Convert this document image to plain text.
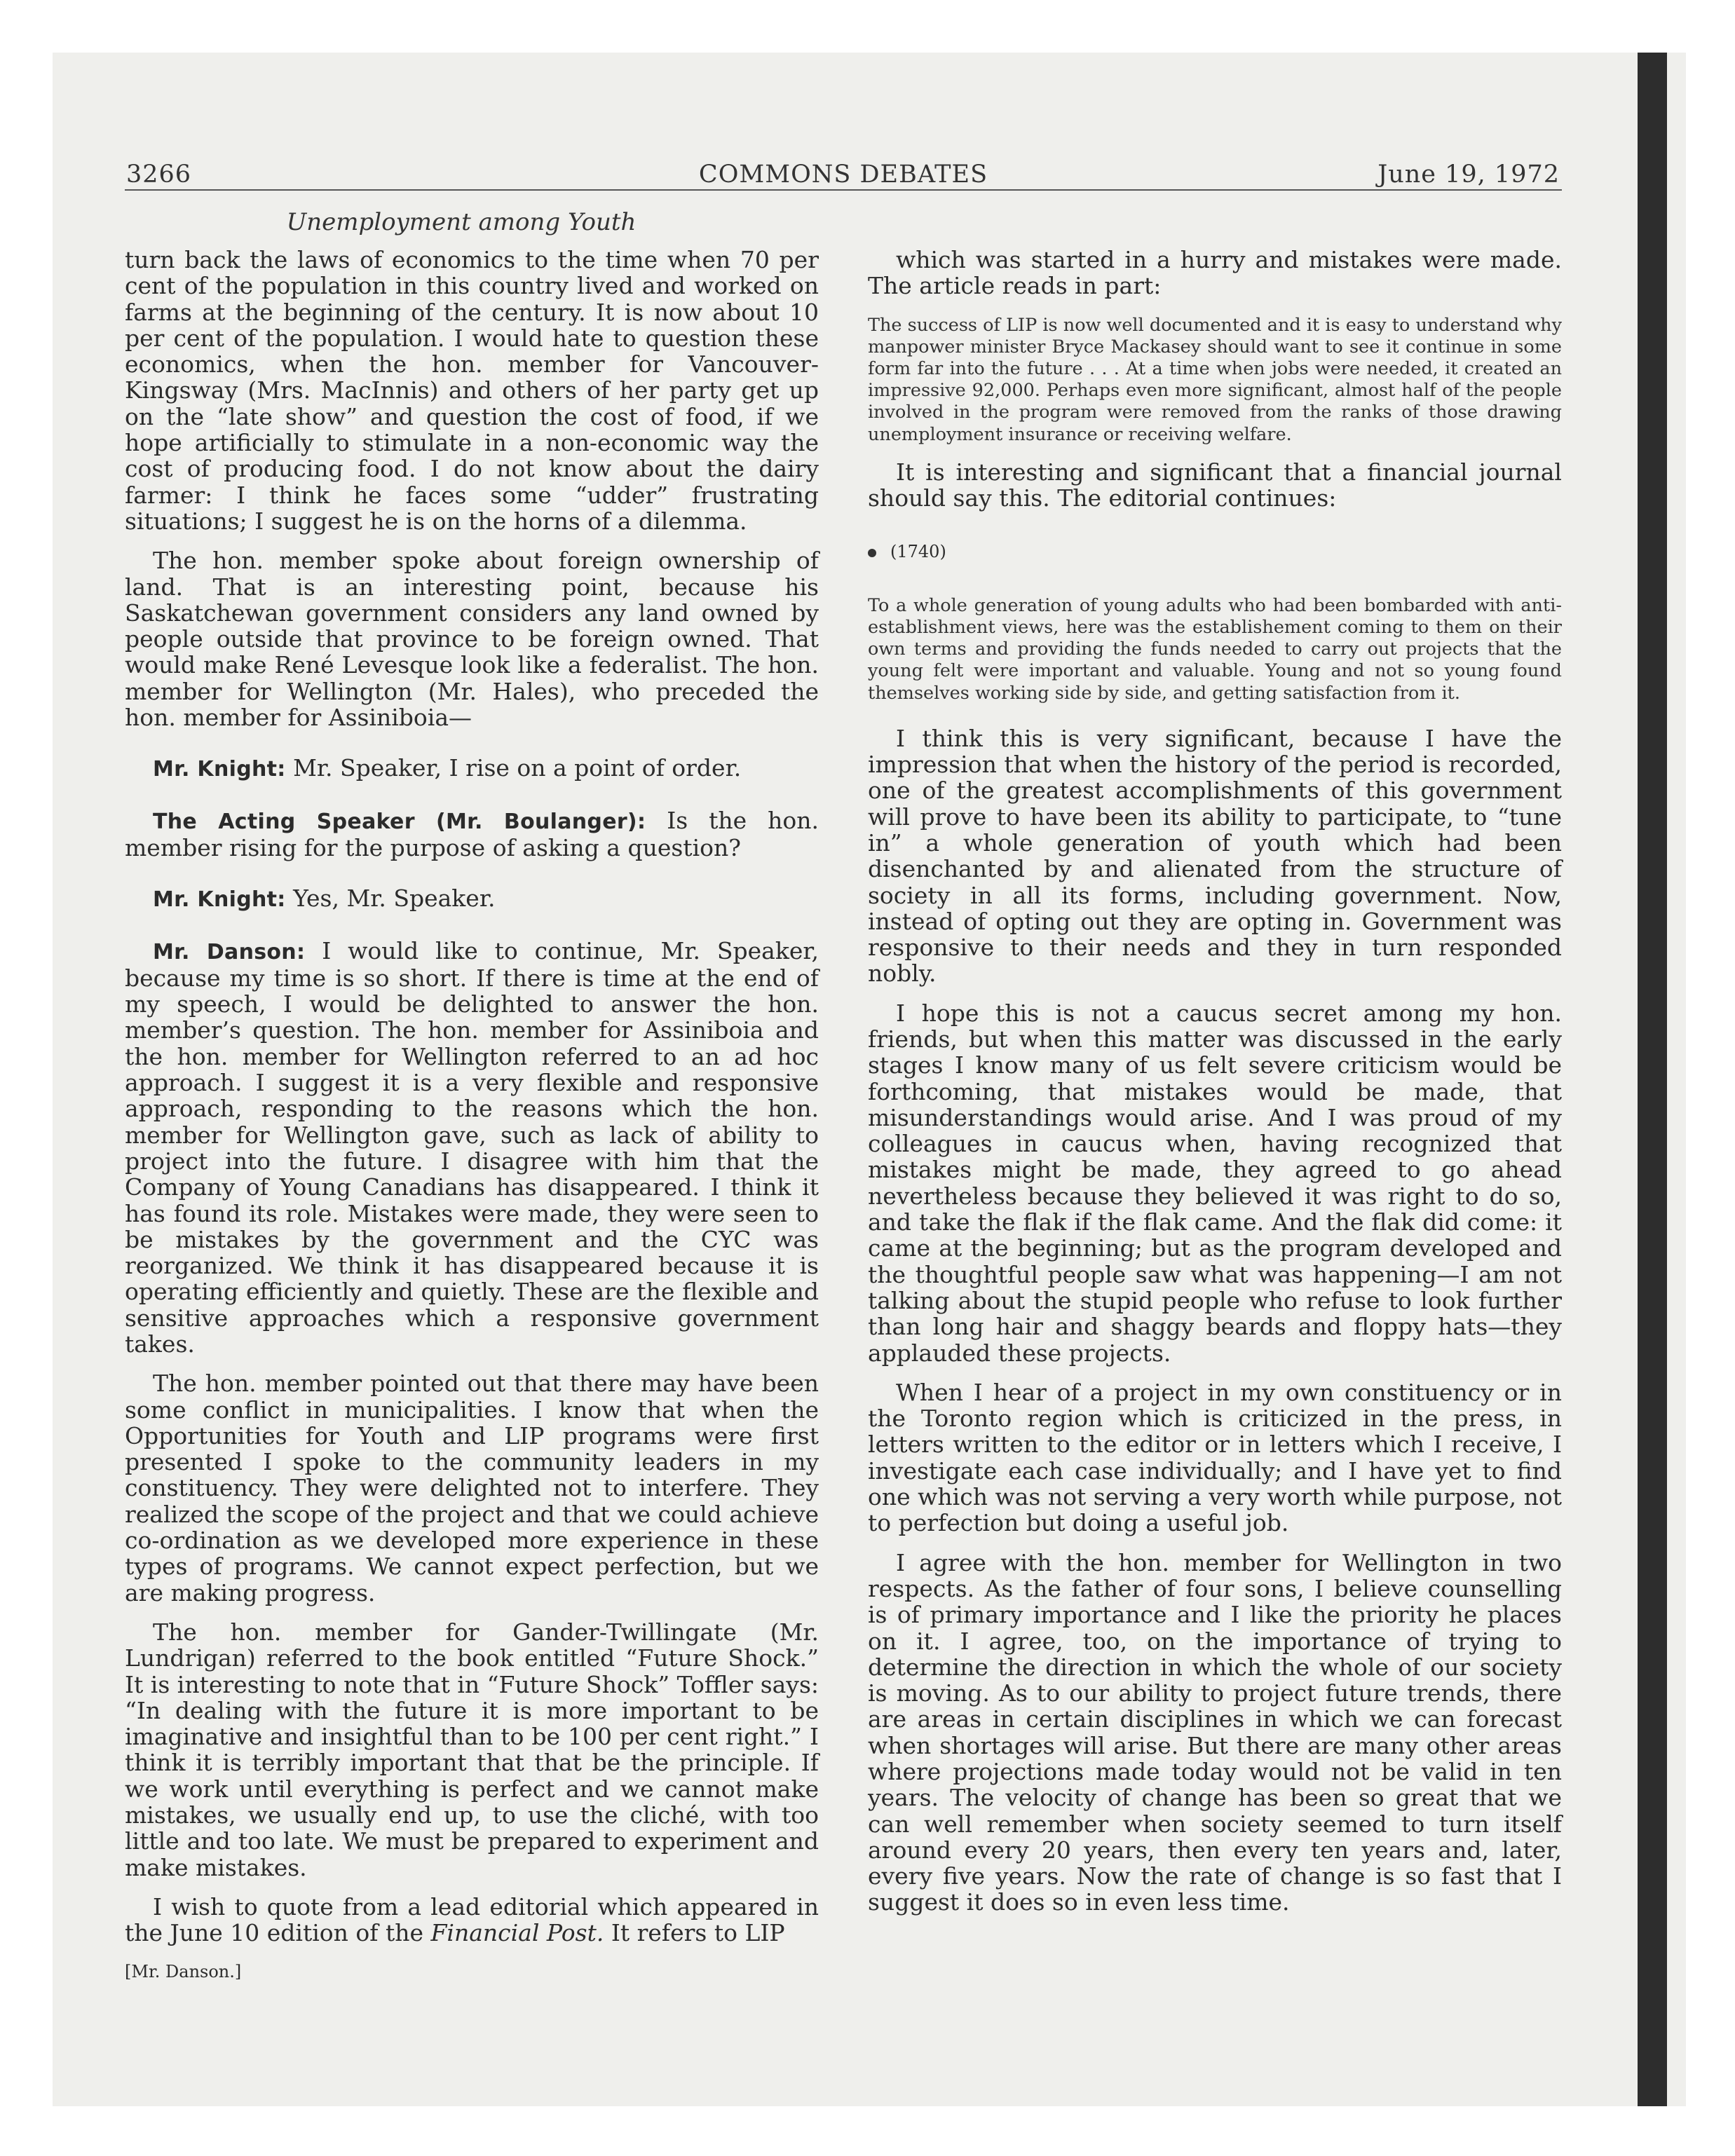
3266	COMMONS DEBATES	June 19, 1972
Unemployment among Youth

turn back the laws of economics to the time when 70 per cent of the population in this country lived and worked on farms at the beginning of the century. It is now about 10 per cent of the population. I would hate to question these economics, when the hon. member for Vancouver-Kingsway (Mrs. MacInnis) and others of her party get up on the “late show” and question the cost of food, if we hope artificially to stimulate in a non-economic way the cost of producing food. I do not know about the dairy farmer: I think he faces some “udder” frustrating situations; I suggest he is on the horns of a dilemma.

The hon. member spoke about foreign ownership of land. That is an interesting point, because his Saskatchewan government considers any land owned by people outside that province to be foreign owned. That would make René Levesque look like a federalist. The hon. member for Wellington (Mr. Hales), who preceded the hon. member for Assiniboia—

Mr. Knight: Mr. Speaker, I rise on a point of order.

The Acting Speaker (Mr. Boulanger): Is the hon. member rising for the purpose of asking a question?

Mr. Knight: Yes, Mr. Speaker.

Mr. Danson: I would like to continue, Mr. Speaker, because my time is so short. If there is time at the end of my speech, I would be delighted to answer the hon. member’s question. The hon. member for Assiniboia and the hon. member for Wellington referred to an ad hoc approach. I suggest it is a very flexible and responsive approach, responding to the reasons which the hon. member for Wellington gave, such as lack of ability to project into the future. I disagree with him that the Company of Young Canadians has disappeared. I think it has found its role. Mistakes were made, they were seen to be mistakes by the government and the CYC was reorganized. We think it has disappeared because it is operating efficiently and quietly. These are the flexible and sensitive approaches which a responsive government takes.

The hon. member pointed out that there may have been some conflict in municipalities. I know that when the Opportunities for Youth and LIP programs were first presented I spoke to the community leaders in my constituency. They were delighted not to interfere. They realized the scope of the project and that we could achieve co-ordination as we developed more experience in these types of programs. We cannot expect perfection, but we are making progress.

The hon. member for Gander-Twillingate (Mr. Lundrigan) referred to the book entitled “Future Shock.” It is interesting to note that in “Future Shock” Toffler says: “In dealing with the future it is more important to be imaginative and insightful than to be 100 per cent right.” I think it is terribly important that that be the principle. If we work until everything is perfect and we cannot make mistakes, we usually end up, to use the cliché, with too little and too late. We must be prepared to experiment and make mistakes.

I wish to quote from a lead editorial which appeared in the June 10 edition of the Financial Post. It refers to LIP

[Mr. Danson.]

which was started in a hurry and mistakes were made. The article reads in part:

The success of LIP is now well documented and it is easy to understand why manpower minister Bryce Mackasey should want to see it continue in some form far into the future . . . At a time when jobs were needed, it created an impressive 92,000. Perhaps even more significant, almost half of the people involved in the program were removed from the ranks of those drawing unemployment insurance or receiving welfare.

It is interesting and significant that a financial journal should say this. The editorial continues:

(1740)

To a whole generation of young adults who had been bombarded with anti-establishment views, here was the establishement coming to them on their own terms and providing the funds needed to carry out projects that the young felt were important and valuable. Young and not so young found themselves working side by side, and getting satisfaction from it.

I think this is very significant, because I have the impression that when the history of the period is recorded, one of the greatest accomplishments of this government will prove to have been its ability to participate, to “tune in” a whole generation of youth which had been disenchanted by and alienated from the structure of society in all its forms, including government. Now, instead of opting out they are opting in. Government was responsive to their needs and they in turn responded nobly.

I hope this is not a caucus secret among my hon. friends, but when this matter was discussed in the early stages I know many of us felt severe criticism would be forthcoming, that mistakes would be made, that misunderstandings would arise. And I was proud of my colleagues in caucus when, having recognized that mistakes might be made, they agreed to go ahead nevertheless because they believed it was right to do so, and take the flak if the flak came. And the flak did come: it came at the beginning; but as the program developed and the thoughtful people saw what was happening—I am not talking about the stupid people who refuse to look further than long hair and shaggy beards and floppy hats—they applauded these projects.

When I hear of a project in my own constituency or in the Toronto region which is criticized in the press, in letters written to the editor or in letters which I receive, I investigate each case individually; and I have yet to find one which was not serving a very worth while purpose, not to perfection but doing a useful job.

I agree with the hon. member for Wellington in two respects. As the father of four sons, I believe counselling is of primary importance and I like the priority he places on it. I agree, too, on the importance of trying to determine the direction in which the whole of our society is moving. As to our ability to project future trends, there are areas in certain disciplines in which we can forecast when shortages will arise. But there are many other areas where projections made today would not be valid in ten years. The velocity of change has been so great that we can well remember when society seemed to turn itself around every 20 years, then every ten years and, later, every five years. Now the rate of change is so fast that I suggest it does so in even less time.
